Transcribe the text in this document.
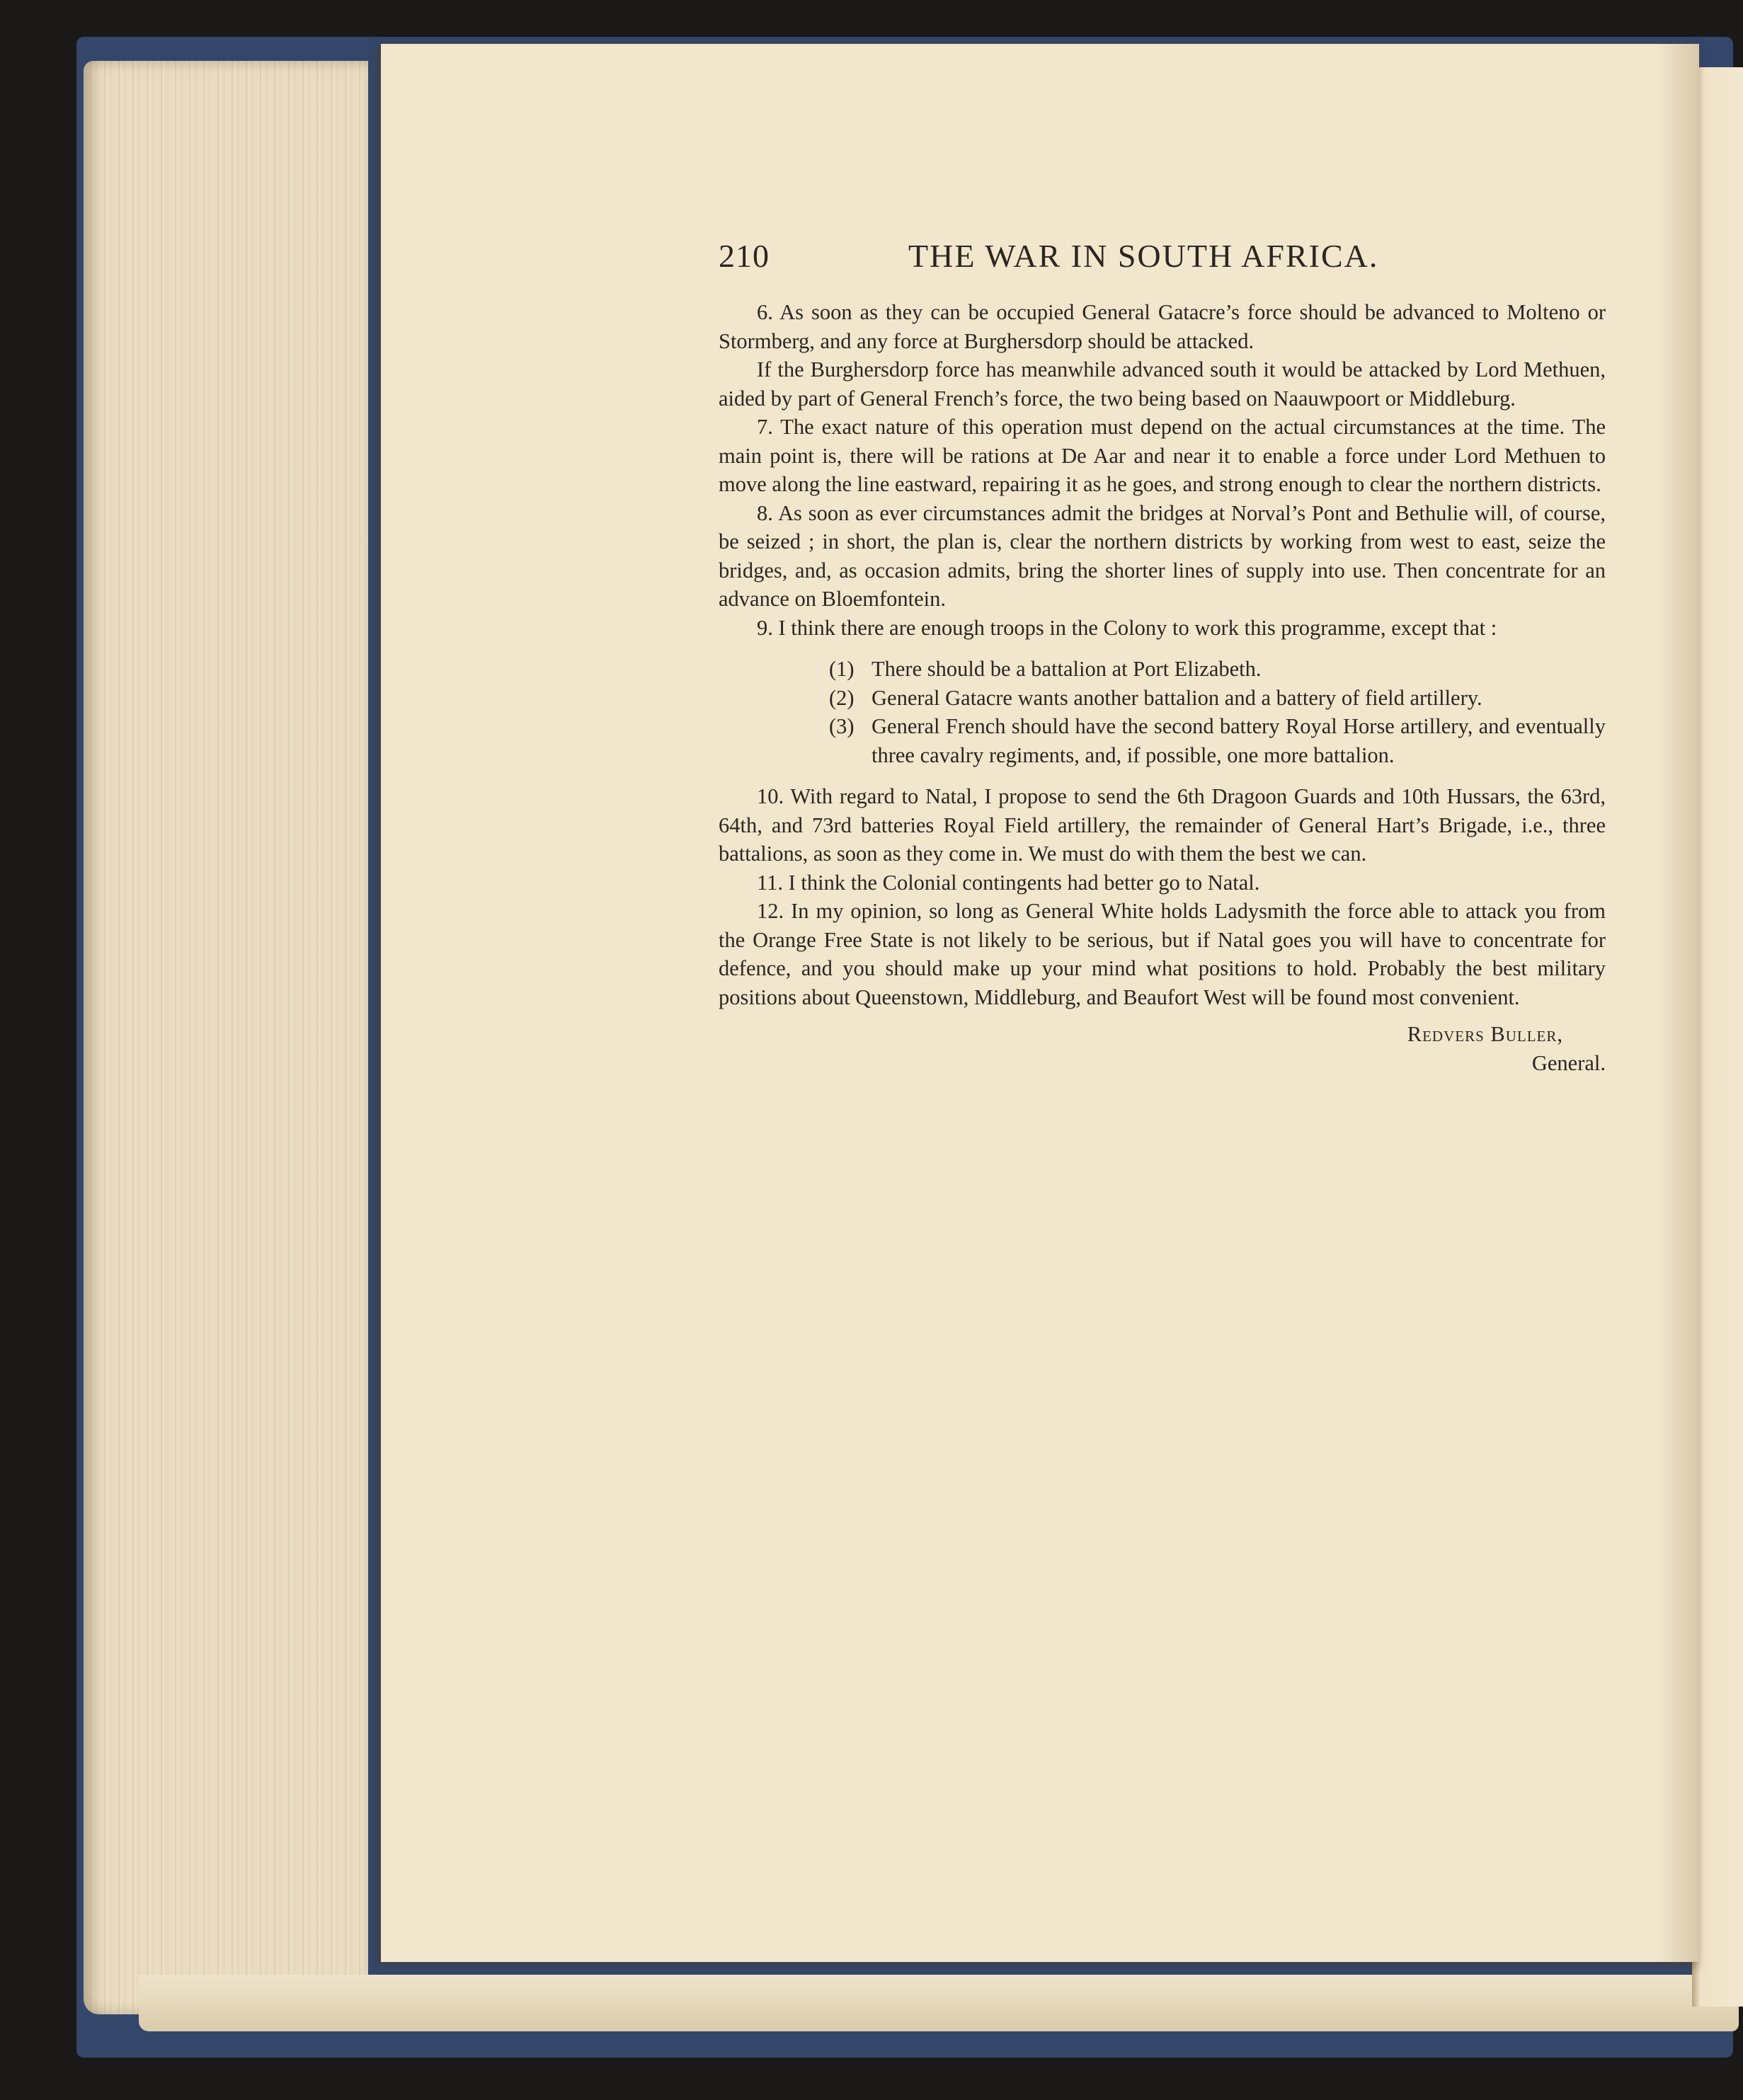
210	THE WAR IN SOUTH AFRICA.

6. As soon as they can be occupied General Gatacre’s force should be advanced to Molteno or Stormberg, and any force at Burghersdorp should be attacked.

If the Burghersdorp force has meanwhile advanced south it would be attacked by Lord Methuen, aided by part of General French’s force, the two being based on Naauwpoort or Middleburg.

7. The exact nature of this operation must depend on the actual circumstances at the time. The main point is, there will be rations at De Aar and near it to enable a force under Lord Methuen to move along the line eastward, repairing it as he goes, and strong enough to clear the northern districts.

8. As soon as ever circumstances admit the bridges at Norval’s Pont and Bethulie will, of course, be seized ; in short, the plan is, clear the northern districts by working from west to east, seize the bridges, and, as occasion admits, bring the shorter lines of supply into use. Then concentrate for an advance on Bloemfontein.

9. I think there are enough troops in the Colony to work this programme, except that :

(1) There should be a battalion at Port Elizabeth.
(2) General Gatacre wants another battalion and a battery of field artillery.
(3) General French should have the second battery Royal Horse artillery, and eventually three cavalry regiments, and, if possible, one more battalion.

10. With regard to Natal, I propose to send the 6th Dragoon Guards and 10th Hussars, the 63rd, 64th, and 73rd batteries Royal Field artillery, the remainder of General Hart’s Brigade, i.e., three battalions, as soon as they come in. We must do with them the best we can.

11. I think the Colonial contingents had better go to Natal.

12. In my opinion, so long as General White holds Ladysmith the force able to attack you from the Orange Free State is not likely to be serious, but if Natal goes you will have to concentrate for defence, and you should make up your mind what positions to hold. Probably the best military positions about Queenstown, Middleburg, and Beaufort West will be found most convenient.

Redvers Buller,
General.
